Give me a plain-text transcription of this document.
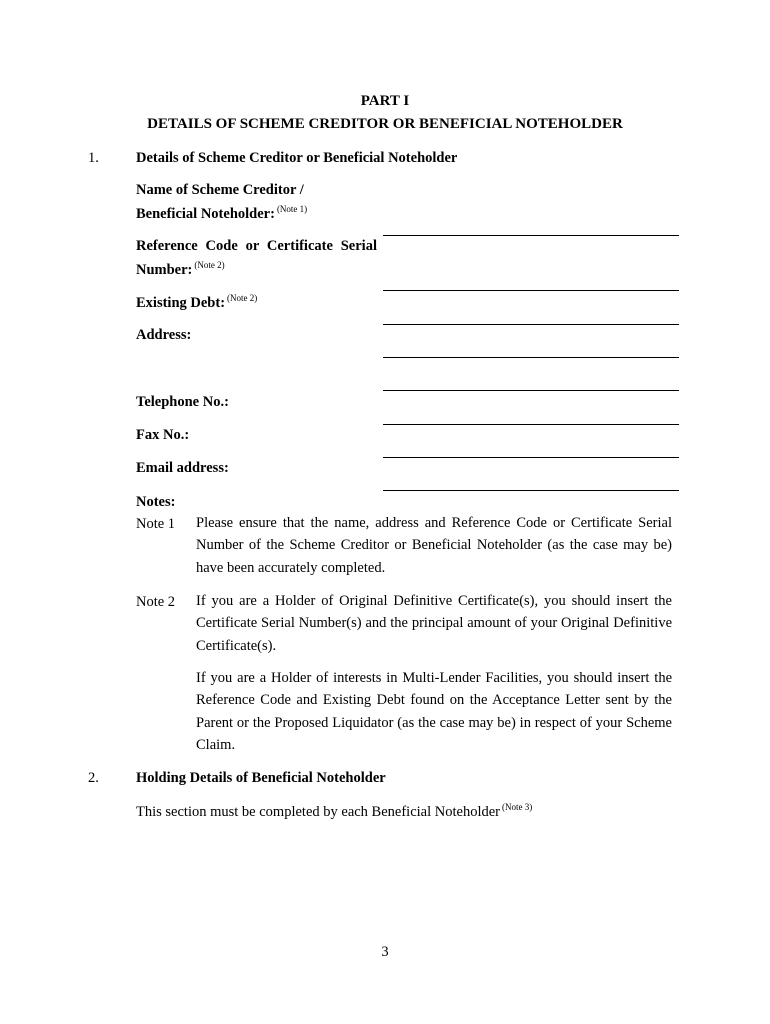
PART I
DETAILS OF SCHEME CREDITOR OR BENEFICIAL NOTEHOLDER
1.	Details of Scheme Creditor or Beneficial Noteholder
Name of Scheme Creditor /
Beneficial Noteholder: $^{(Note 1)}$
Reference Code or Certificate Serial
Number: $^{(Note 2)}$
Existing Debt: $^{(Note 2)}$
Address:
Telephone No.:
Fax No.:
Email address:
Notes:
Note 1 Please ensure that the name, address and Reference Code or Certificate Serial Number of the Scheme Creditor or Beneficial Noteholder (as the case may be) have been accurately completed.
Note 2 If you are a Holder of Original Definitive Certificate(s), you should insert the Certificate Serial Number(s) and the principal amount of your Original Definitive Certificate(s).
If you are a Holder of interests in Multi-Lender Facilities, you should insert the Reference Code and Existing Debt found on the Acceptance Letter sent by the Parent or the Proposed Liquidator (as the case may be) in respect of your Scheme Claim.
2.	Holding Details of Beneficial Noteholder
This section must be completed by each Beneficial Noteholder $^{(Note 3)}$
3
